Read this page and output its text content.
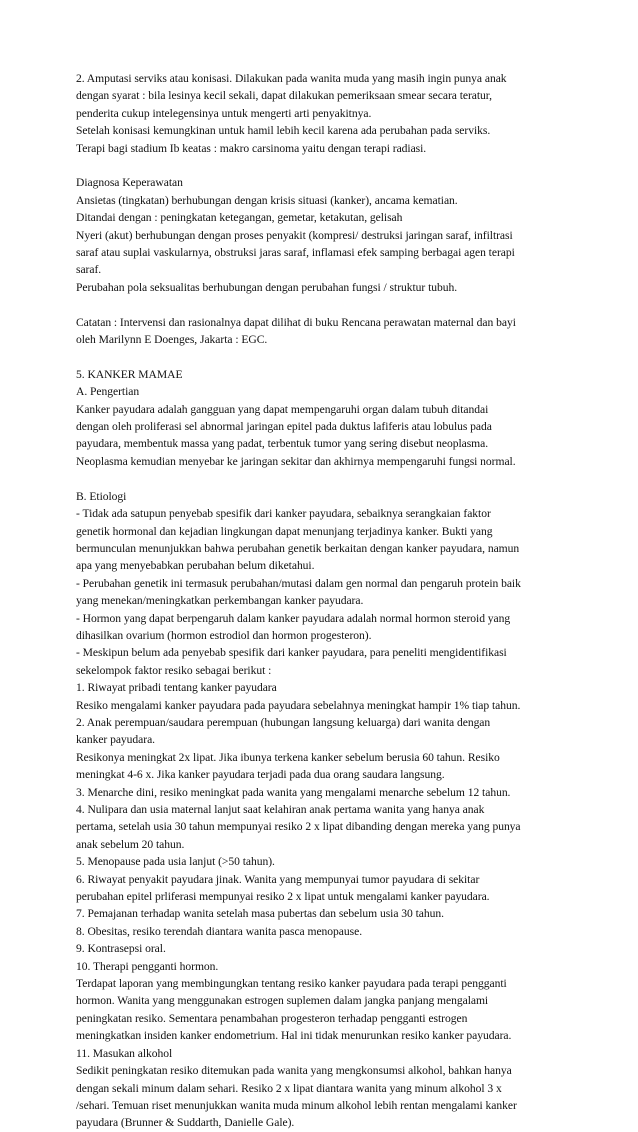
2. Amputasi serviks atau konisasi. Dilakukan pada wanita muda yang masih ingin punya anak
dengan syarat : bila lesinya kecil sekali, dapat dilakukan pemeriksaan smear secara teratur,
penderita cukup intelegensinya untuk mengerti arti penyakitnya.
Setelah konisasi kemungkinan untuk hamil lebih kecil karena ada perubahan pada serviks.
Terapi bagi stadium Ib keatas : makro carsinoma yaitu dengan terapi radiasi.
Diagnosa Keperawatan
Ansietas (tingkatan) berhubungan dengan krisis situasi (kanker), ancama kematian.
Ditandai dengan : peningkatan ketegangan, gemetar, ketakutan, gelisah
Nyeri (akut) berhubungan dengan proses penyakit (kompresi/ destruksi jaringan saraf, infiltrasi
saraf atau suplai vaskularnya, obstruksi jaras saraf, inflamasi efek samping berbagai agen terapi
saraf.
Perubahan pola seksualitas berhubungan dengan perubahan fungsi / struktur tubuh.
Catatan : Intervensi dan rasionalnya dapat dilihat di buku Rencana perawatan maternal dan bayi
oleh Marilynn E Doenges, Jakarta : EGC.
5. KANKER MAMAE
A. Pengertian
Kanker payudara adalah gangguan yang dapat mempengaruhi organ dalam tubuh ditandai
dengan oleh proliferasi sel abnormal jaringan epitel pada duktus lafiferis atau lobulus pada
payudara, membentuk massa yang padat, terbentuk tumor yang sering disebut neoplasma.
Neoplasma kemudian menyebar ke jaringan sekitar dan akhirnya mempengaruhi fungsi normal.
B. Etiologi
- Tidak ada satupun penyebab spesifik dari kanker payudara, sebaiknya serangkaian faktor
genetik hormonal dan kejadian lingkungan dapat menunjang terjadinya kanker. Bukti yang
bermunculan menunjukkan bahwa perubahan genetik berkaitan dengan kanker payudara, namun
apa yang menyebabkan perubahan belum diketahui.
- Perubahan genetik ini termasuk perubahan/mutasi dalam gen normal dan pengaruh protein baik
yang menekan/meningkatkan perkembangan kanker payudara.
- Hormon yang dapat berpengaruh dalam kanker payudara adalah normal hormon steroid yang
dihasilkan ovarium (hormon estrodiol dan hormon progesteron).
- Meskipun belum ada penyebab spesifik dari kanker payudara, para peneliti mengidentifikasi
sekelompok faktor resiko sebagai berikut :
1. Riwayat pribadi tentang kanker payudara
Resiko mengalami kanker payudara pada payudara sebelahnya meningkat hampir 1% tiap tahun.
2. Anak perempuan/saudara perempuan (hubungan langsung keluarga) dari wanita dengan
kanker payudara.
Resikonya meningkat 2x lipat. Jika ibunya terkena kanker sebelum berusia 60 tahun. Resiko
meningkat 4-6 x. Jika kanker payudara terjadi pada dua orang saudara langsung.
3. Menarche dini, resiko meningkat pada wanita yang mengalami menarche sebelum 12 tahun.
4. Nulipara dan usia maternal lanjut saat kelahiran anak pertama wanita yang hanya anak
pertama, setelah usia 30 tahun mempunyai resiko 2 x lipat dibanding dengan mereka yang punya
anak sebelum 20 tahun.
5. Menopause pada usia lanjut (>50 tahun).
6. Riwayat penyakit payudara jinak. Wanita yang mempunyai tumor payudara di sekitar
perubahan epitel prliferasi mempunyai resiko 2 x lipat untuk mengalami kanker payudara.
7. Pemajanan terhadap wanita setelah masa pubertas dan sebelum usia 30 tahun.
8. Obesitas, resiko terendah diantara wanita pasca menopause.
9. Kontrasepsi oral.
10. Therapi pengganti hormon.
Terdapat laporan yang membingungkan tentang resiko kanker payudara pada terapi pengganti
hormon. Wanita yang menggunakan estrogen suplemen dalam jangka panjang mengalami
peningkatan resiko. Sementara penambahan progesteron terhadap pengganti estrogen
meningkatkan insiden kanker endometrium. Hal ini tidak menurunkan resiko kanker payudara.
11. Masukan alkohol
Sedikit peningkatan resiko ditemukan pada wanita yang mengkonsumsi alkohol, bahkan hanya
dengan sekali minum dalam sehari. Resiko 2 x lipat diantara wanita yang minum alkohol 3 x
/sehari. Temuan riset menunjukkan wanita muda minum alkohol lebih rentan mengalami kanker
payudara (Brunner & Suddarth, Danielle Gale).
